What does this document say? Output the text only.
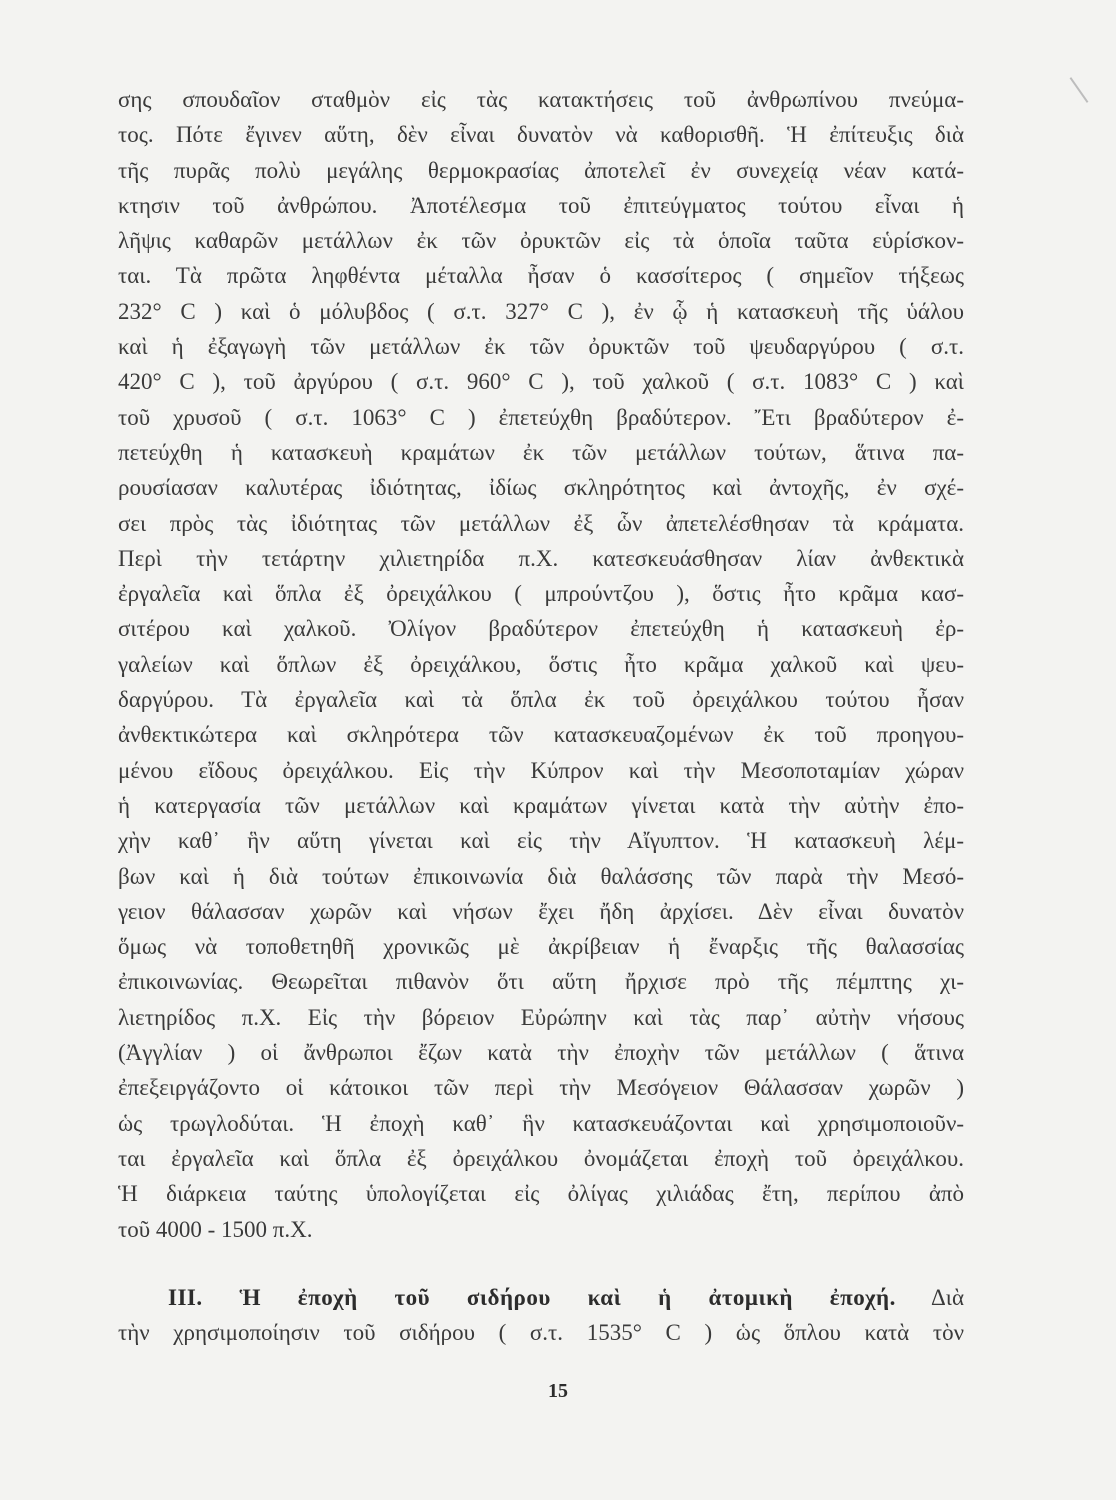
σης σπουδαῖον σταθμὸν εἰς τὰς κατακτήσεις τοῦ ἀνθρωπίνου πνεύμα-
τος. Πότε ἔγινεν αὕτη, δὲν εἶναι δυνατὸν νὰ καθορισθῆ. Ἡ ἐπίτευξις διὰ
τῆς πυρᾶς πολὺ μεγάλης θερμοκρασίας ἀποτελεῖ ἐν συνεχείᾳ νέαν κατά-
κτησιν τοῦ ἀνθρώπου. Ἀποτέλεσμα τοῦ ἐπιτεύγματος τούτου εἶναι ἡ
λῆψις καθαρῶν μετάλλων ἐκ τῶν ὀρυκτῶν εἰς τὰ ὁποῖα ταῦτα εὑρίσκον-
ται. Τὰ πρῶτα ληφθέντα μέταλλα ἦσαν ὁ κασσίτερος ( σημεῖον τήξεως
232° C ) καὶ ὁ μόλυβδος ( σ.τ. 327° C ), ἐν ᾧ ἡ κατασκευὴ τῆς ὑάλου
καὶ ἡ ἐξαγωγὴ τῶν μετάλλων ἐκ τῶν ὀρυκτῶν τοῦ ψευδαργύρου ( σ.τ.
420° C ), τοῦ ἀργύρου ( σ.τ. 960° C ), τοῦ χαλκοῦ ( σ.τ. 1083° C ) καὶ
τοῦ χρυσοῦ ( σ.τ. 1063° C ) ἐπετεύχθη βραδύτερον. Ἔτι βραδύτερον ἐ-
πετεύχθη ἡ κατασκευὴ κραμάτων ἐκ τῶν μετάλλων τούτων, ἅτινα πα-
ρουσίασαν καλυτέρας ἰδιότητας, ἰδίως σκληρότητος καὶ ἀντοχῆς, ἐν σχέ-
σει πρὸς τὰς ἰδιότητας τῶν μετάλλων ἐξ ὧν ἀπετελέσθησαν τὰ κράματα.
Περὶ τὴν τετάρτην χιλιετηρίδα π.Χ. κατεσκευάσθησαν λίαν ἀνθεκτικὰ
ἐργαλεῖα καὶ ὅπλα ἐξ ὀρειχάλκου ( μπρούντζου ), ὅστις ἦτο κρᾶμα κασ-
σιτέρου καὶ χαλκοῦ. Ὀλίγον βραδύτερον ἐπετεύχθη ἡ κατασκευὴ ἐρ-
γαλείων καὶ ὅπλων ἐξ ὀρειχάλκου, ὅστις ἦτο κρᾶμα χαλκοῦ καὶ ψευ-
δαργύρου. Τὰ ἐργαλεῖα καὶ τὰ ὅπλα ἐκ τοῦ ὀρειχάλκου τούτου ἦσαν
ἀνθεκτικώτερα καὶ σκληρότερα τῶν κατασκευαζομένων ἐκ τοῦ προηγου-
μένου εἴδους ὀρειχάλκου. Εἰς τὴν Κύπρον καὶ τὴν Μεσοποταμίαν χώραν
ἡ κατεργασία τῶν μετάλλων καὶ κραμάτων γίνεται κατὰ τὴν αὐτὴν ἐπο-
χὴν καθ᾽ ἣν αὕτη γίνεται καὶ εἰς τὴν Αἴγυπτον. Ἡ κατασκευὴ λέμ-
βων καὶ ἡ διὰ τούτων ἐπικοινωνία διὰ θαλάσσης τῶν παρὰ τὴν Μεσό-
γειον θάλασσαν χωρῶν καὶ νήσων ἔχει ἤδη ἀρχίσει. Δὲν εἶναι δυνατὸν
ὅμως νὰ τοποθετηθῆ χρονικῶς μὲ ἀκρίβειαν ἡ ἔναρξις τῆς θαλασσίας
ἐπικοινωνίας. Θεωρεῖται πιθανὸν ὅτι αὕτη ἤρχισε πρὸ τῆς πέμπτης χι-
λιετηρίδος π.Χ. Εἰς τὴν βόρειον Εὐρώπην καὶ τὰς παρ᾽ αὐτὴν νήσους
(Ἀγγλίαν ) οἱ ἄνθρωποι ἔζων κατὰ τὴν ἐποχὴν τῶν μετάλλων ( ἅτινα
ἐπεξειργάζοντο οἱ κάτοικοι τῶν περὶ τὴν Μεσόγειον Θάλασσαν χωρῶν )
ὡς τρωγλοδύται. Ἡ ἐποχὴ καθ᾽ ἣν κατασκευάζονται καὶ χρησιμοποιοῦν-
ται ἐργαλεῖα καὶ ὅπλα ἐξ ὀρειχάλκου ὀνομάζεται ἐποχὴ τοῦ ὀρειχάλκου.
Ἡ διάρκεια ταύτης ὑπολογίζεται εἰς ὀλίγας χιλιάδας ἔτη, περίπου ἀπὸ
τοῦ 4000 - 1500 π.Χ.
III. Ἡ ἐποχὴ τοῦ σιδήρου καὶ ἡ ἀτομικὴ ἐποχή. Διὰ
τὴν χρησιμοποίησιν τοῦ σιδήρου ( σ.τ. 1535° C ) ὡς ὅπλου κατὰ τὸν
15
